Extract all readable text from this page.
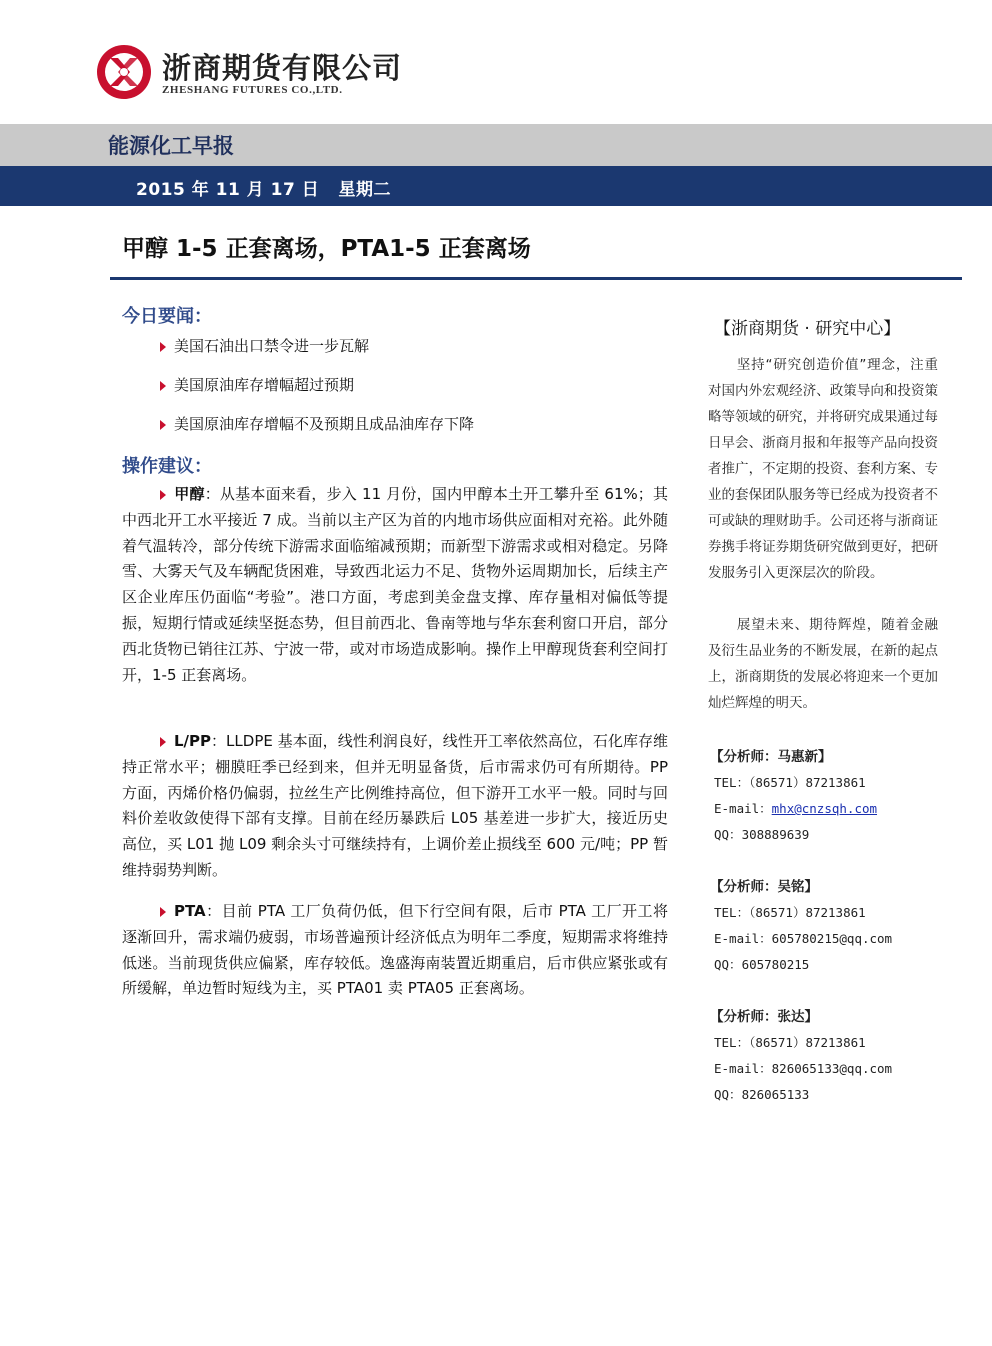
浙商期货有限公司
ZHESHANG FUTURES CO.,LTD.
能源化工早报
2015 年 11 月 17 日   星期二
甲醇 1-5 正套离场，PTA1-5 正套离场
今日要闻：
美国石油出口禁令进一步瓦解
美国原油库存增幅超过预期
美国原油库存增幅不及预期且成品油库存下降
操作建议：

甲醇：从基本面来看，步入 11 月份，国内甲醇本土开工攀升至 61%；其中西北开工水平接近 7 成。当前以主产区为首的内地市场供应面相对充裕。此外随着气温转冷，部分传统下游需求面临缩减预期；而新型下游需求或相对稳定。另降雪、大雾天气及车辆配货困难，导致西北运力不足、货物外运周期加长，后续主产区企业库压仍面临“考验”。港口方面，考虑到美金盘支撑、库存量相对偏低等提振，短期行情或延续坚挺态势，但目前西北、鲁南等地与华东套利窗口开启，部分西北货物已销往江苏、宁波一带，或对市场造成影响。操作上甲醇现货套利空间打开，1-5 正套离场。

L/PP：LLDPE 基本面，线性利润良好，线性开工率依然高位，石化库存维持正常水平；棚膜旺季已经到来，但并无明显备货，后市需求仍可有所期待。PP 方面，丙烯价格仍偏弱，拉丝生产比例维持高位，但下游开工水平一般。同时与回料价差收敛使得下部有支撑。目前在经历暴跌后 L05 基差进一步扩大，接近历史高位，买 L01 抛 L09 剩余头寸可继续持有，上调价差止损线至 600 元/吨；PP 暂维持弱势判断。

PTA：目前 PTA 工厂负荷仍低，但下行空间有限，后市 PTA 工厂开工将逐渐回升，需求端仍疲弱，市场普遍预计经济低点为明年二季度，短期需求将维持低迷。当前现货供应偏紧，库存较低。逸盛海南装置近期重启，后市供应紧张或有所缓解，单边暂时短线为主，买 PTA01 卖 PTA05 正套离场。

【浙商期货 · 研究中心】

坚持“研究创造价值”理念，注重对国内外宏观经济、政策导向和投资策略等领域的研究，并将研究成果通过每日早会、浙商月报和年报等产品向投资者推广，不定期的投资、套利方案、专业的套保团队服务等已经成为投资者不可或缺的理财助手。公司还将与浙商证券携手将证券期货研究做到更好，把研发服务引入更深层次的阶段。

展望未来、期待辉煌，随着金融及衍生品业务的不断发展，在新的起点上，浙商期货的发展必将迎来一个更加灿烂辉煌的明天。

【分析师：马惠新】
TEL：（86571）87213861
E-mail：mhx@cnzsqh.com
QQ：308889639
【分析师：吴铭】
TEL：（86571）87213861
E-mail：605780215@qq.com
QQ：605780215
【分析师：张达】
TEL：（86571）87213861
E-mail：826065133@qq.com
QQ：826065133
